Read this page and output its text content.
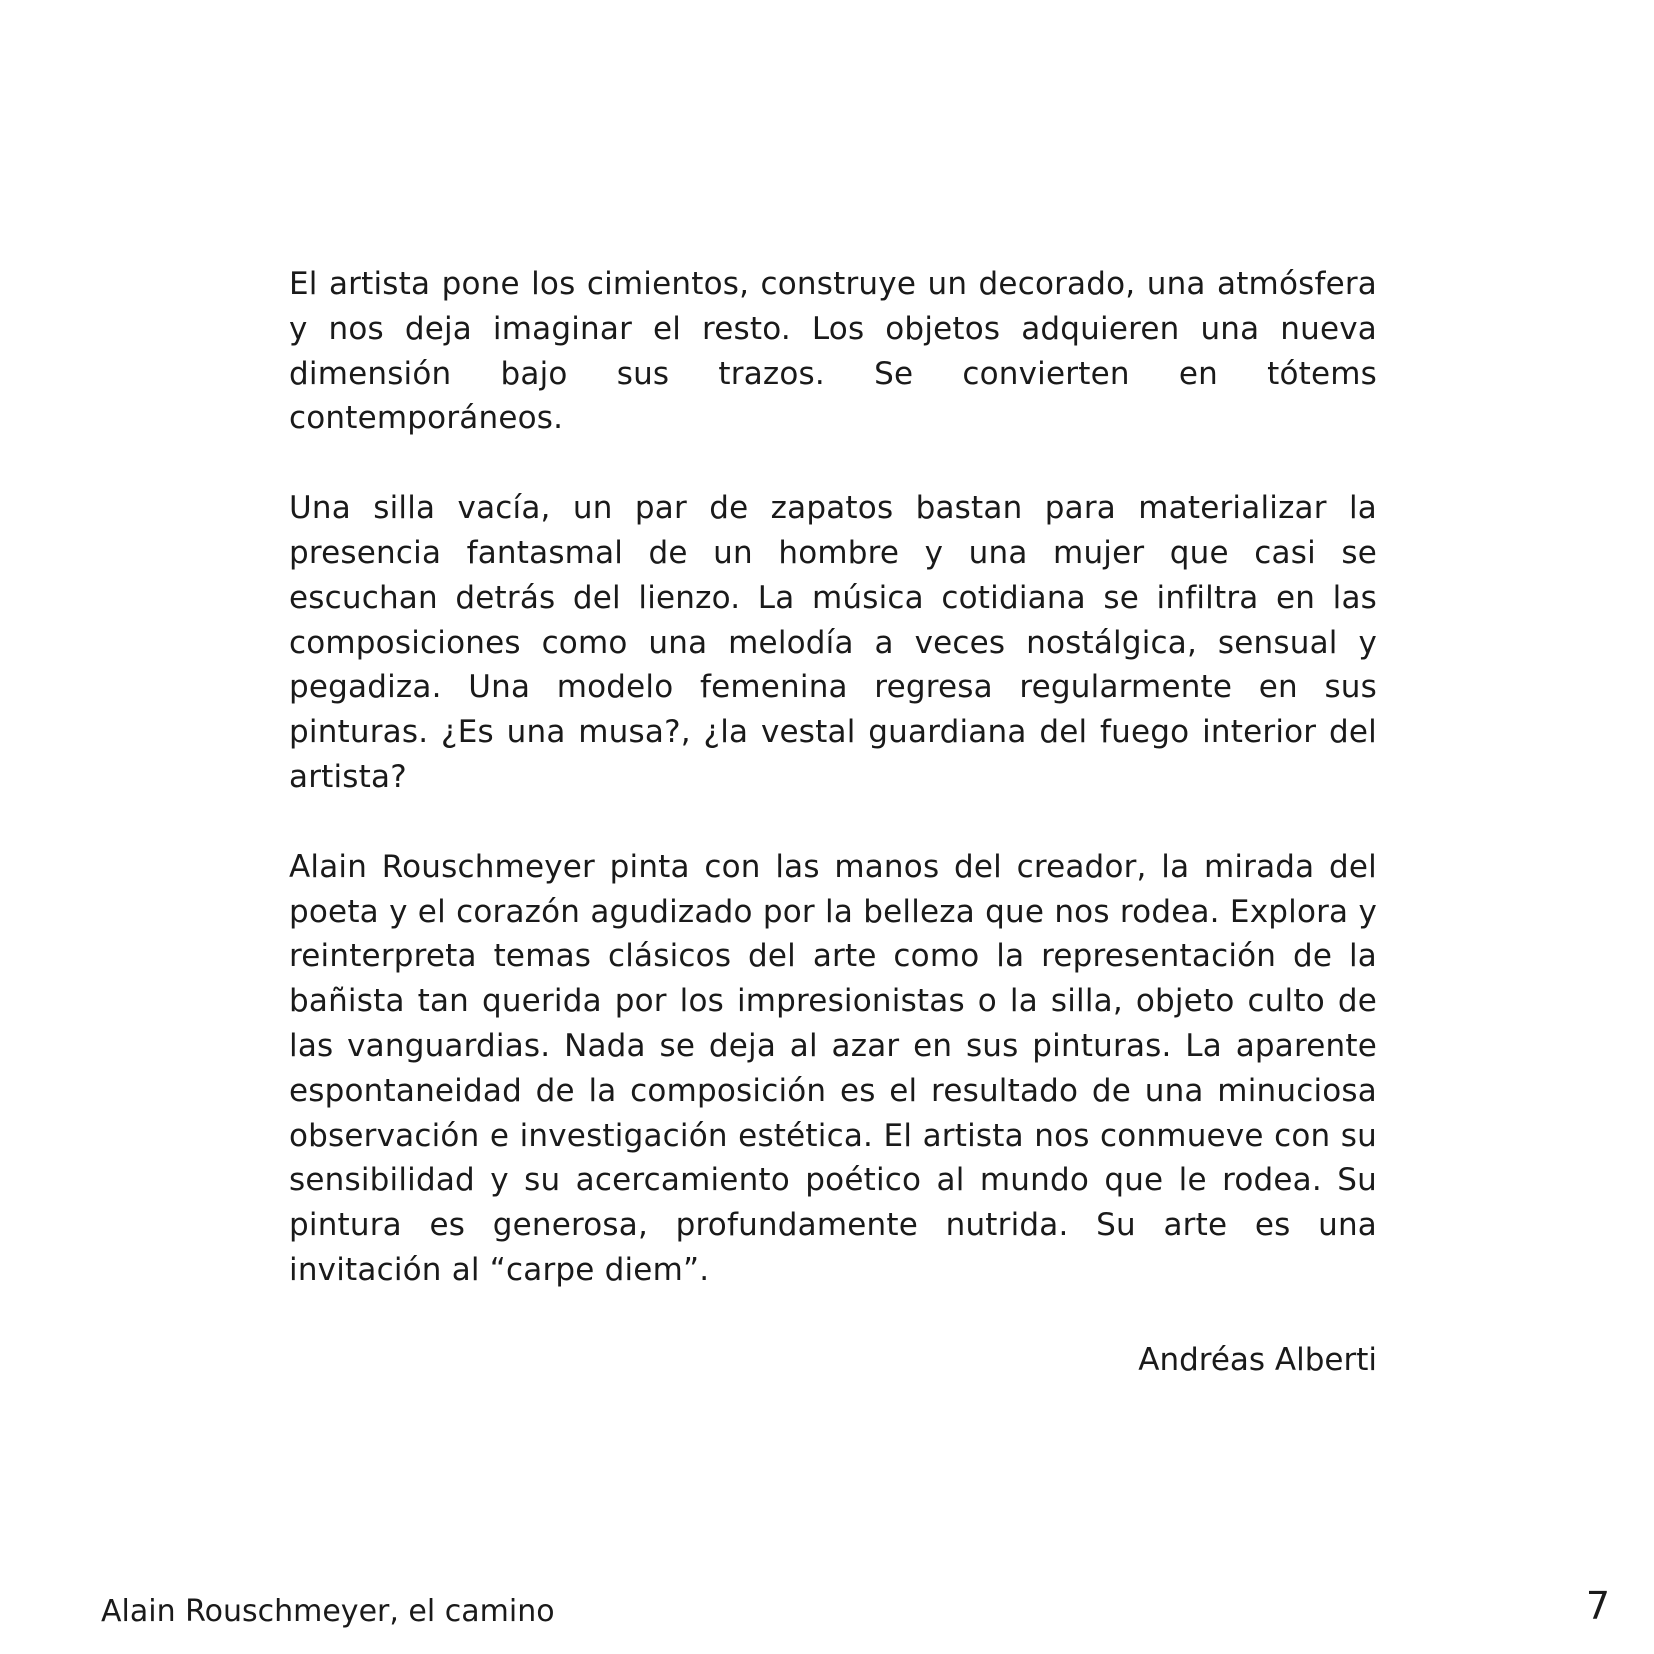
El artista pone los cimientos, construye un decorado, una atmósfera y nos deja imaginar el resto. Los objetos adquieren una nueva dimensión bajo sus trazos. Se convierten en tótems contemporáneos.

Una silla vacía, un par de zapatos bastan para materializar la presencia fantasmal de un hombre y una mujer que casi se escuchan detrás del lienzo. La música cotidiana se infiltra en las composiciones como una melodía a veces nostálgica, sensual y pegadiza. Una modelo femenina regresa regularmente en sus pinturas. ¿Es una musa?, ¿la vestal guardiana del fuego interior del artista?

Alain Rouschmeyer pinta con las manos del creador, la mirada del poeta y el corazón agudizado por la belleza que nos rodea. Explora y reinterpreta temas clásicos del arte como la representación de la bañista tan querida por los impresionistas o la silla, objeto culto de las vanguardias. Nada se deja al azar en sus pinturas. La aparente espontaneidad de la composición es el resultado de una minuciosa observación e investigación estética. El artista nos conmueve con su sensibilidad y su acercamiento poético al mundo que le rodea. Su pintura es generosa, profundamente nutrida. Su arte es una invitación al “carpe diem”.

Andréas Alberti

Alain Rouschmeyer, el camino	7
